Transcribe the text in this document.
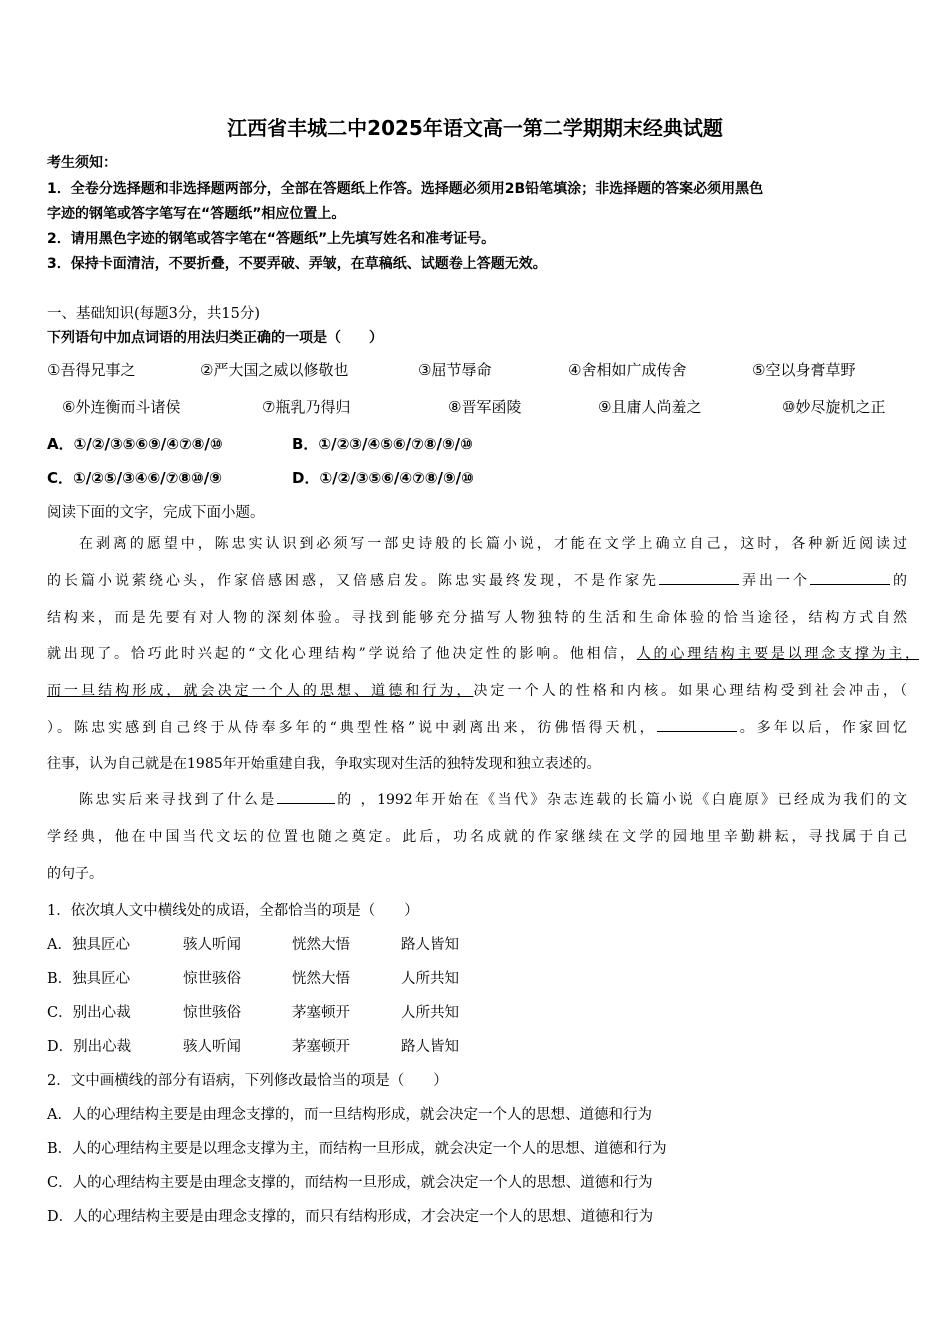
江西省丰城二中2025年语文高一第二学期期末经典试题
考生须知：
1．全卷分选择题和非选择题两部分，全部在答题纸上作答。选择题必须用2B铅笔填涂；非选择题的答案必须用黑色
字迹的钢笔或答字笔写在“答题纸”相应位置上。
2．请用黑色字迹的钢笔或答字笔在“答题纸”上先填写姓名和准考证号。
3．保持卡面清洁，不要折叠，不要弄破、弄皱，在草稿纸、试题卷上答题无效。
一、基础知识(每题3分，共15分)
下列语句中加点词语的用法归类正确的一项是（　　）
①吾得兄事之	②严大国之威以修敬也	③屈节辱命	④舍相如广成传舍	⑤空以身膏草野
⑥外连衡而斗诸侯	⑦瓶乳乃得归	⑧晋军函陵	⑨且庸人尚羞之	⑩妙尽旋机之正
A．①/②/③⑤⑥⑨/④⑦⑧/⑩	B．①/②③/④⑤⑥/⑦⑧/⑨/⑩
C．①/②⑤/③④⑥/⑦⑧⑩/⑨	D．①/②/③⑤⑥/④⑦⑧/⑨/⑩
阅读下面的文字，完成下面小题。
在剥离的愿望中，陈忠实认识到必须写一部史诗般的长篇小说，才能在文学上确立自己，这时，各种新近阅读过
的长篇小说萦绕心头，作家倍感困惑，又倍感启发。陈忠实最终发现，不是作家先	弄出一个	的
结构来，而是先要有对人物的深刻体验。寻找到能够充分描写人物独特的生活和生命体验的恰当途径，结构方式自然
就出现了。恰巧此时兴起的“文化心理结构”学说给了他决定性的影响。他相信，人的心理结构主要是以理念支撑为主，
而一旦结构形成，就会决定一个人的思想、道德和行为，决定一个人的性格和内核。如果心理结构受到社会冲击，（
）。陈忠实感到自己终于从侍奉多年的“典型性格”说中剥离出来，彷佛悟得天机，	。多年以后，作家回忆
往事，认为自己就是在1985年开始重建自我，争取实现对生活的独特发现和独立表述的。
陈忠实后来寻找到了什么是	的 ，1992年开始在《当代》杂志连载的长篇小说《白鹿原》已经成为我们的文
学经典，他在中国当代文坛的位置也随之奠定。此后，功名成就的作家继续在文学的园地里辛勤耕耘，寻找属于自己
的句子。
1．依次填人文中横线处的成语，全都恰当的项是（　　）
A．独具匠心	骇人听闻	恍然大悟	路人皆知
B．独具匠心	惊世骇俗	恍然大悟	人所共知
C．别出心裁	惊世骇俗	茅塞顿开	人所共知
D．别出心裁	骇人听闻	茅塞顿开	路人皆知
2．文中画横线的部分有语病，下列修改最恰当的项是（　　）
A．人的心理结构主要是由理念支撑的，而一旦结构形成，就会决定一个人的思想、道德和行为
B．人的心理结构主要是以理念支撑为主，而结构一旦形成，就会决定一个人的思想、道德和行为
C．人的心理结构主要是由理念支撑的，而结构一旦形成，就会决定一个人的思想、道德和行为
D．人的心理结构主要是由理念支撑的，而只有结构形成，才会决定一个人的思想、道德和行为
